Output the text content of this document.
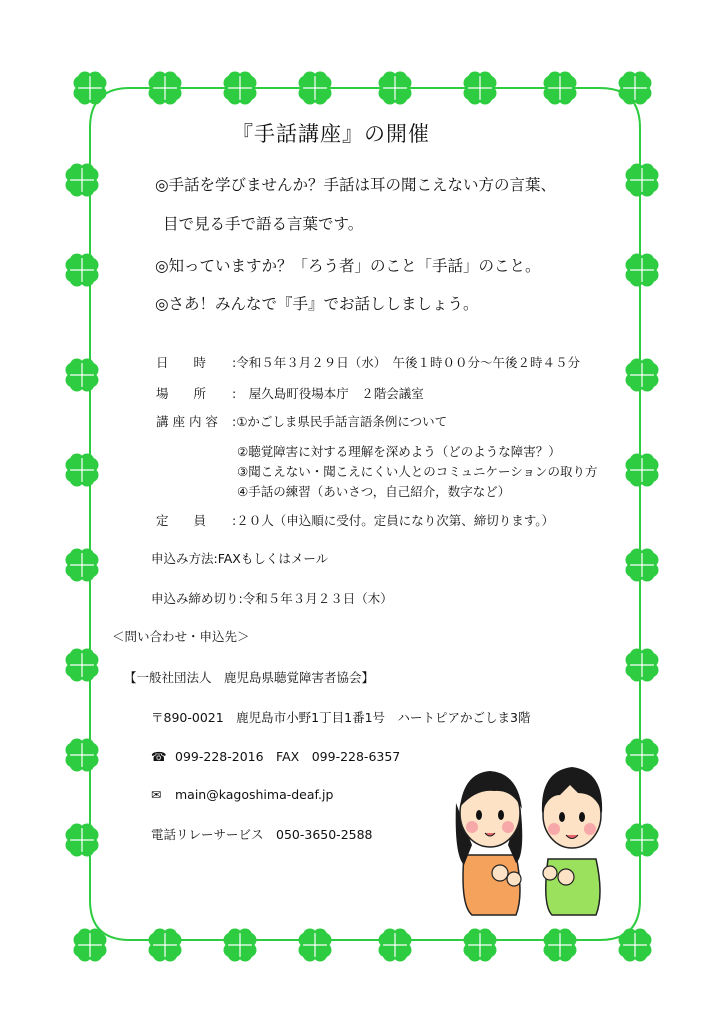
『手話講座』の開催
◎手話を学びませんか？手話は耳の聞こえない方の言葉、
目で見る手で語る言葉です。
◎知っていますか？「ろう者」のこと「手話」のこと。
◎さあ！みんなで『手』でお話ししましょう。
日　　時 :令和５年３月２９日（水）　午後１時００分〜午後２時４５分
場　　所 :　屋久島町役場本庁　２階会議室
講 座 内 容 :①かごしま県民手話言語条例について
②聴覚障害に対する理解を深めよう（どのような障害？）
③聞こえない・聞こえにくい人とのコミュニケーションの取り方
④手話の練習（あいさつ，自己紹介，数字など）
定　　員 :２０人（申込順に受付。定員になり次第、締切ります。）
申込み方法:FAXもしくはメール
申込み締め切り:令和５年３月２３日（木）
＜問い合わせ・申込先＞
【一般社団法人　鹿児島県聴覚障害者協会】
〒890-0021　鹿児島市小野1丁目1番1号　ハートピアかごしま3階
☎ 099-228-2016　FAX　099-228-6357
✉ main@kagoshima-deaf.jp
電話リレーサービス　050-3650-2588
